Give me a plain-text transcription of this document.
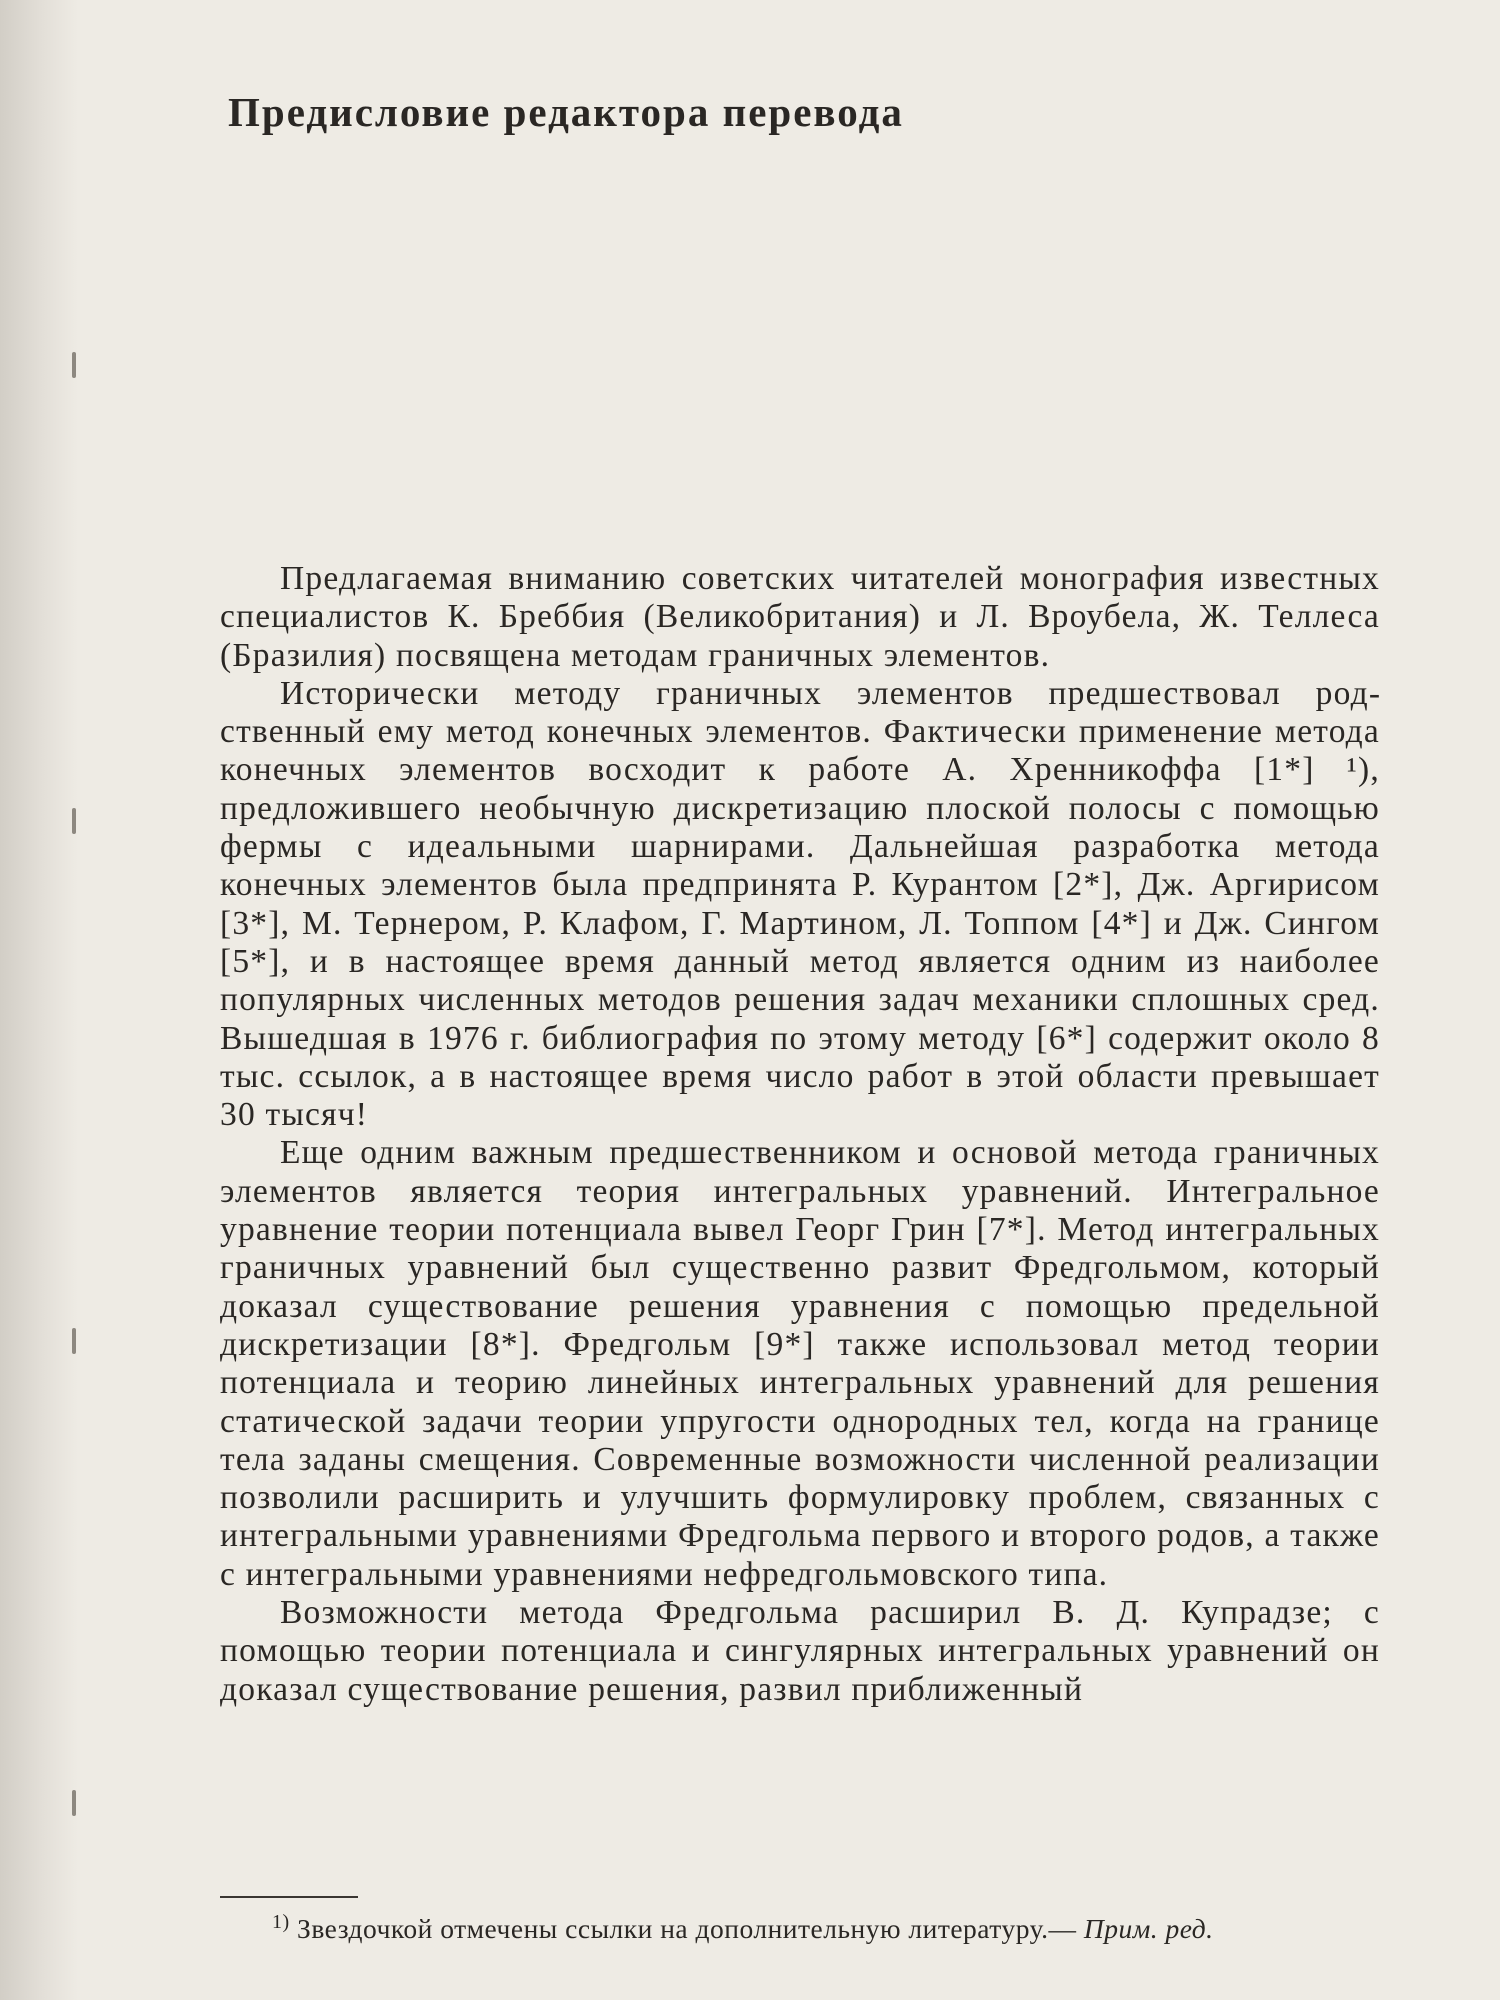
Предисловие редактора перевода

Предлагаемая вниманию советских читателей монография известных специалистов К. Бреббия (Великобритания) и Л. Вроубела, Ж. Теллеса (Бразилия) посвящена методам граничных элементов.

Исторически методу граничных элементов предшествовал родственный ему метод конечных элементов. Фактически применение метода конечных элементов восходит к работе А. Хренникоффа [1*] ¹), предложившего необычную дискретизацию плоской полосы с помощью фермы с идеальными шарнирами. Дальнейшая разработка метода конечных элементов была предпринята Р. Курантом [2*], Дж. Аргирисом [3*], М. Тернером, Р. Клафом, Г. Мартином, Л. Топпом [4*] и Дж. Сингом [5*], и в настоящее время данный метод является одним из наиболее популярных численных методов решения задач механики сплошных сред. Вышедшая в 1976 г. библиография по этому методу [6*] содержит около 8 тыс. ссылок, а в настоящее время число работ в этой области превышает 30 тысяч!

Еще одним важным предшественником и основой метода граничных элементов является теория интегральных уравнений. Интегральное уравнение теории потенциала вывел Георг Грин [7*]. Метод интегральных граничных уравнений был существенно развит Фредгольмом, который доказал существование решения уравнения с помощью предельной дискретизации [8*]. Фредгольм [9*] также использовал метод теории потенциала и теорию линейных интегральных уравнений для решения статической задачи теории упругости однородных тел, когда на границе тела заданы смещения. Современные возможности численной реализации позволили расширить и улучшить формулировку проблем, связанных с интегральными уравнениями Фредгольма первого и второго родов, а также с интегральными уравнениями нефредгольмовского типа.

Возможности метода Фредгольма расширил В. Д. Купрадзе; с помощью теории потенциала и сингулярных интегральных уравнений он доказал существование решения, развил приближенный

$^{1)}$ Звездочкой отмечены ссылки на дополнительную литературу.— Прим. ред.
